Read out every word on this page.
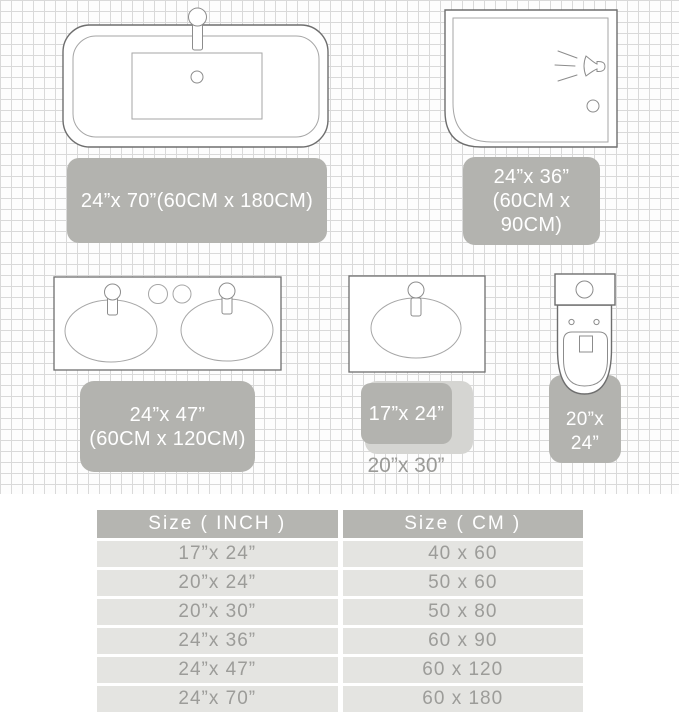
24”x 70”(60CM x 180CM)
24”x 36”
(60CM x 90CM)
24”x 47”
(60CM x 120CM)
17”x 24”
20”x 30”
20”x 24”
Size ( INCH )	Size ( CM )
17”x 24”	40 x 60
20”x 24”	50 x 60
20”x 30”	50 x 80
24”x 36”	60 x 90
24”x 47”	60 x 120
24”x 70”	60 x 180
